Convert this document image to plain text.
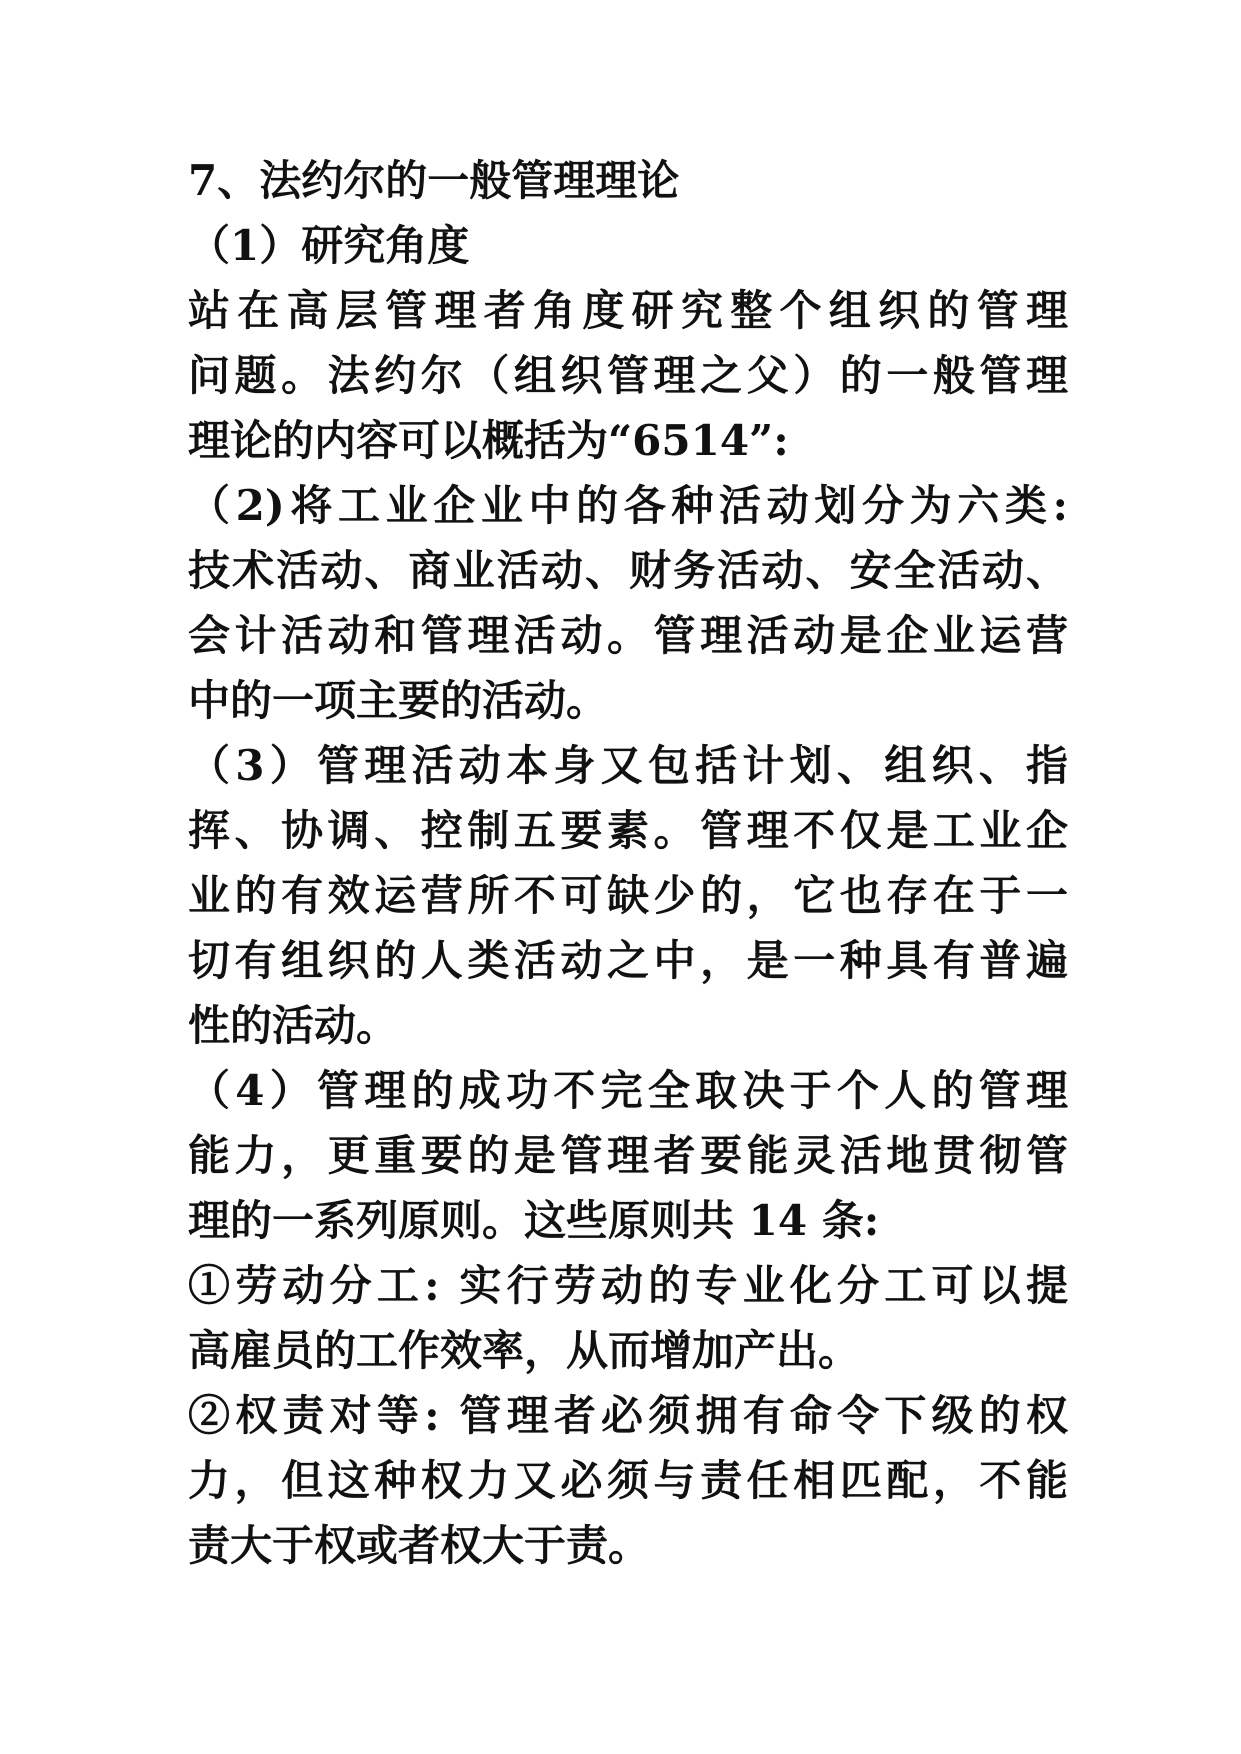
7、法约尔的一般管理理论
（1）研究角度
站在高层管理者角度研究整个组织的管理
问题。法约尔（组织管理之父）的一般管理
理论的内容可以概括为“6514”:
（2)将工业企业中的各种活动划分为六类:
技术活动、商业活动、财务活动、安全活动、
会计活动和管理活动。管理活动是企业运营
中的一项主要的活动。
（3）管理活动本身又包括计划、组织、指
挥、协调、控制五要素。管理不仅是工业企
业的有效运营所不可缺少的，它也存在于一
切有组织的人类活动之中，是一种具有普遍
性的活动。
（4）管理的成功不完全取决于个人的管理
能力，更重要的是管理者要能灵活地贯彻管
理的一系列原则。这些原则共 14 条:
①劳动分工: 实行劳动的专业化分工可以提
高雇员的工作效率，从而增加产出。
②权责对等: 管理者必须拥有命令下级的权
力，但这种权力又必须与责任相匹配，不能
责大于权或者权大于责。
